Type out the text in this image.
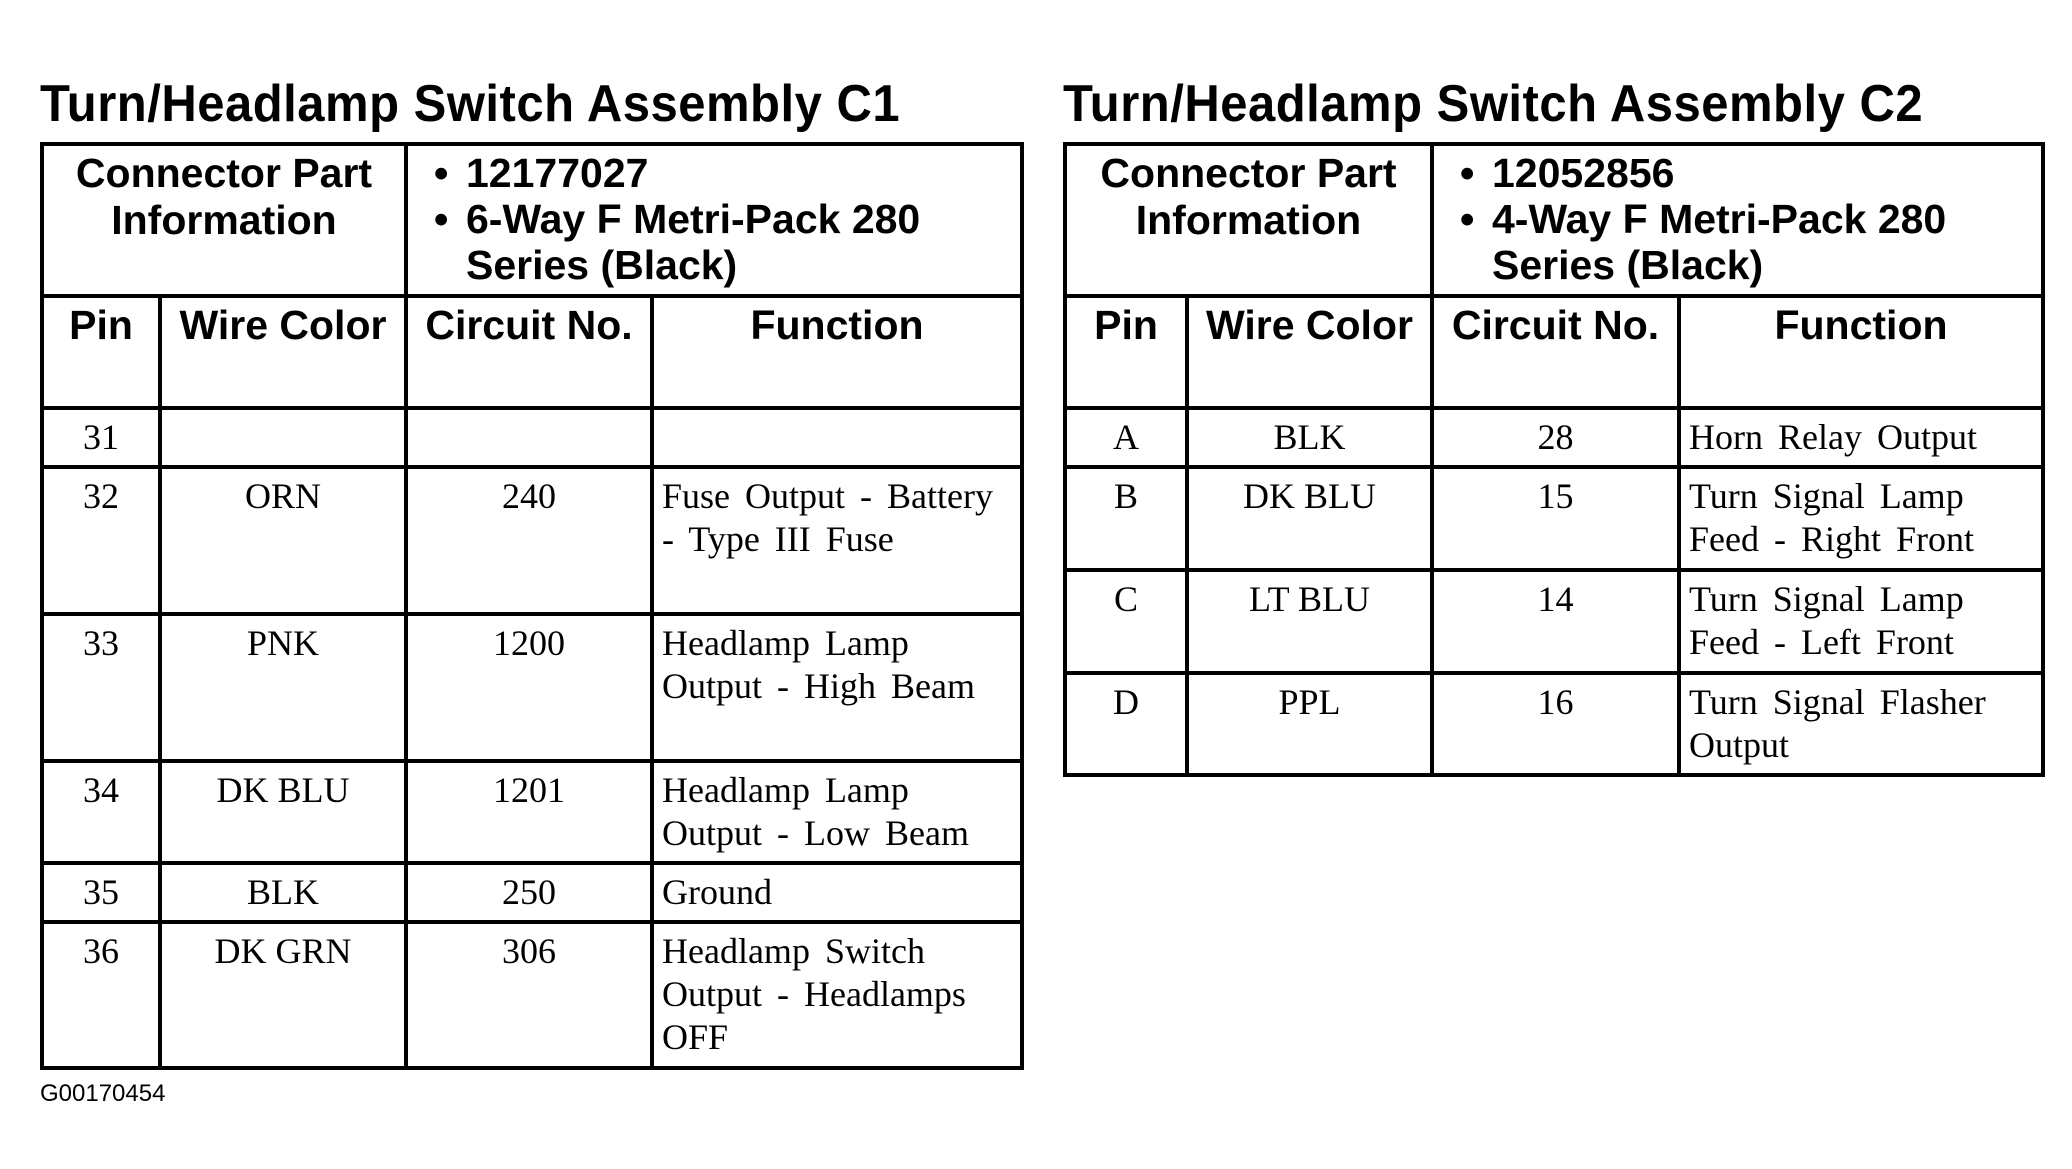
Turn/Headlamp Switch Assembly C1
Connector Part Information		• 12177027
• 6-Way F Metri-Pack 280 Series (Black)

Pin	Wire Color	Circuit No.	Function
31			
32	ORN	240	Fuse Output - Battery - Type III Fuse
33	PNK	1200	Headlamp Lamp Output - High Beam
34	DK BLU	1201	Headlamp Lamp Output - Low Beam
35	BLK	250	Ground
36	DK GRN	306	Headlamp Switch Output - Headlamps OFF
Turn/Headlamp Switch Assembly C2
Connector Part Information		• 12052856
• 4-Way F Metri-Pack 280 Series (Black)

Pin	Wire Color	Circuit No.	Function
A	BLK	28	Horn Relay Output
B	DK BLU	15	Turn Signal Lamp Feed - Right Front
C	LT BLU	14	Turn Signal Lamp Feed - Left Front
D	PPL	16	Turn Signal Flasher Output
G00170454
